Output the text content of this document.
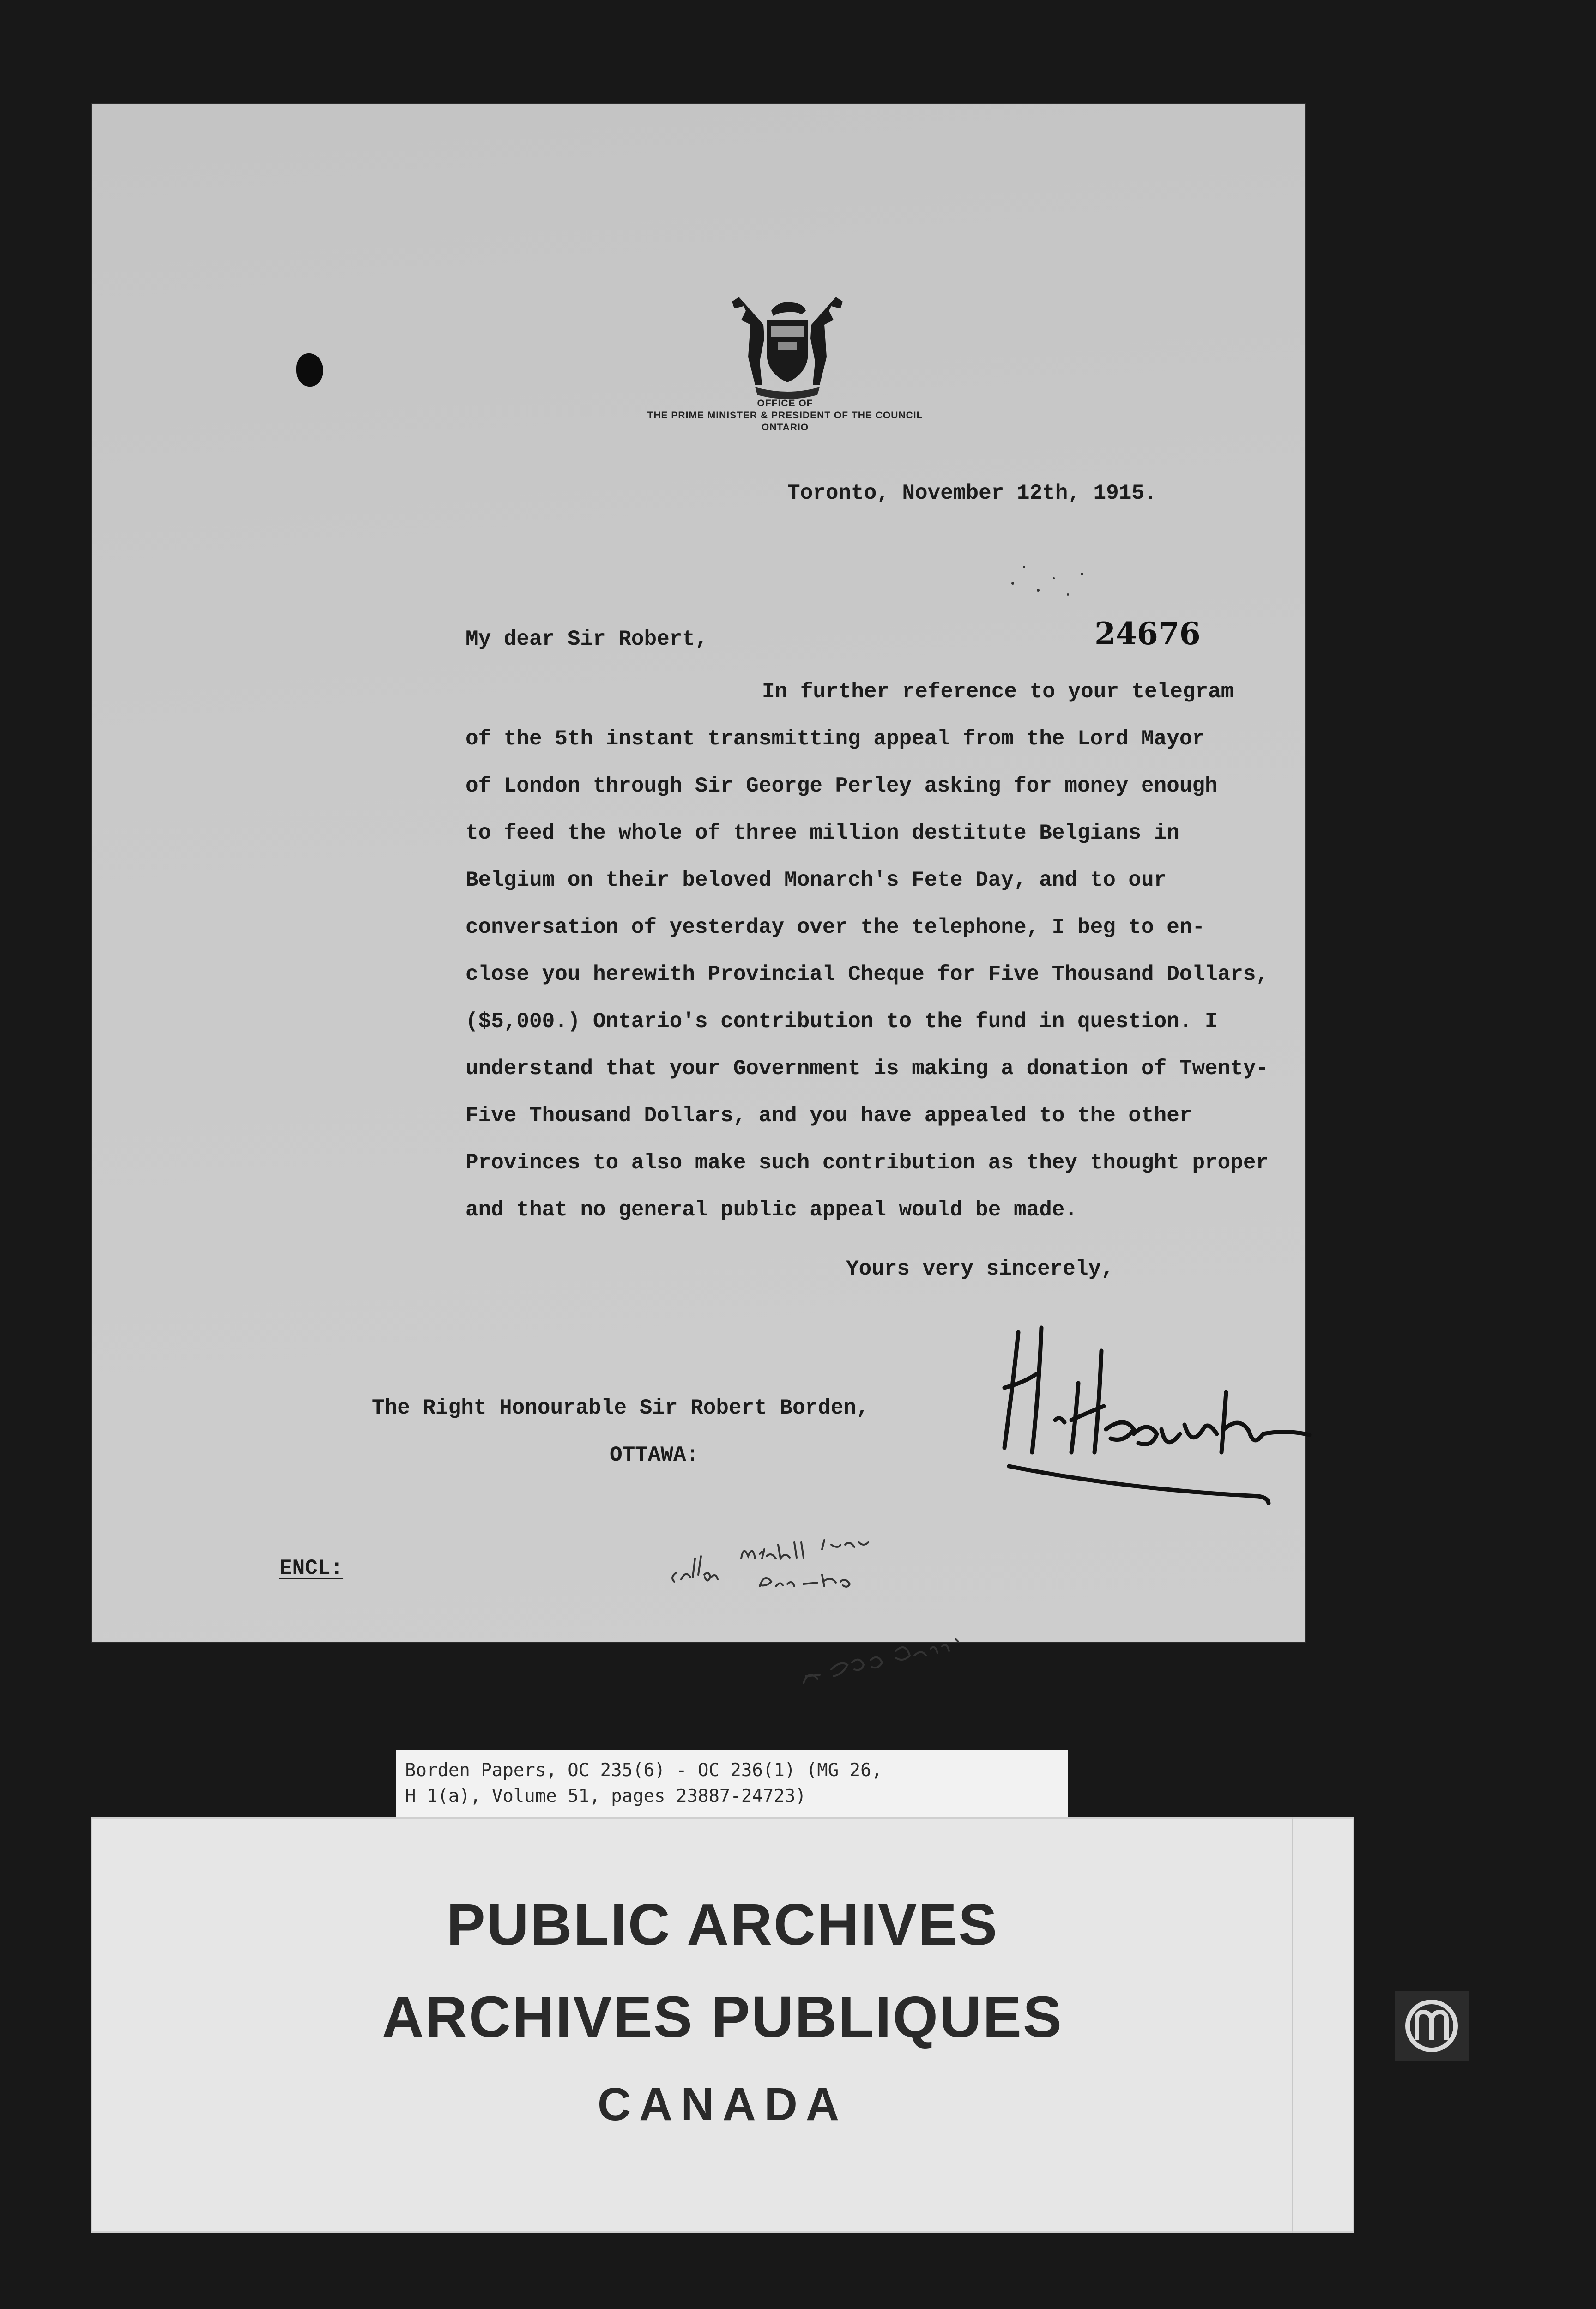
OFFICE OF
THE PRIME MINISTER & PRESIDENT OF THE COUNCIL
ONTARIO
Toronto, November 12th, 1915.
My dear Sir Robert,	24676
In further reference to your telegram
of the 5th instant transmitting appeal from the Lord Mayor
of London through Sir George Perley asking for money enough
to feed the whole of three million destitute Belgians in
Belgium on their beloved Monarch's Fete Day, and to our
conversation of yesterday over the telephone, I beg to en-
close you herewith Provincial Cheque for Five Thousand Dollars,
($5,000.) Ontario's contribution to the fund in question. I
understand that your Government is making a donation of Twenty-
Five Thousand Dollars, and you have appealed to the other
Provinces to also make such contribution as they thought proper
and that no general public appeal would be made.
Yours very sincerely,
The Right Honourable Sir Robert Borden,
OTTAWA:
ENCL:
Borden Papers, OC 235(6) - OC 236(1) (MG 26,
H 1(a), Volume 51, pages 23887-24723)
PUBLIC ARCHIVES
ARCHIVES PUBLIQUES
CANADA
